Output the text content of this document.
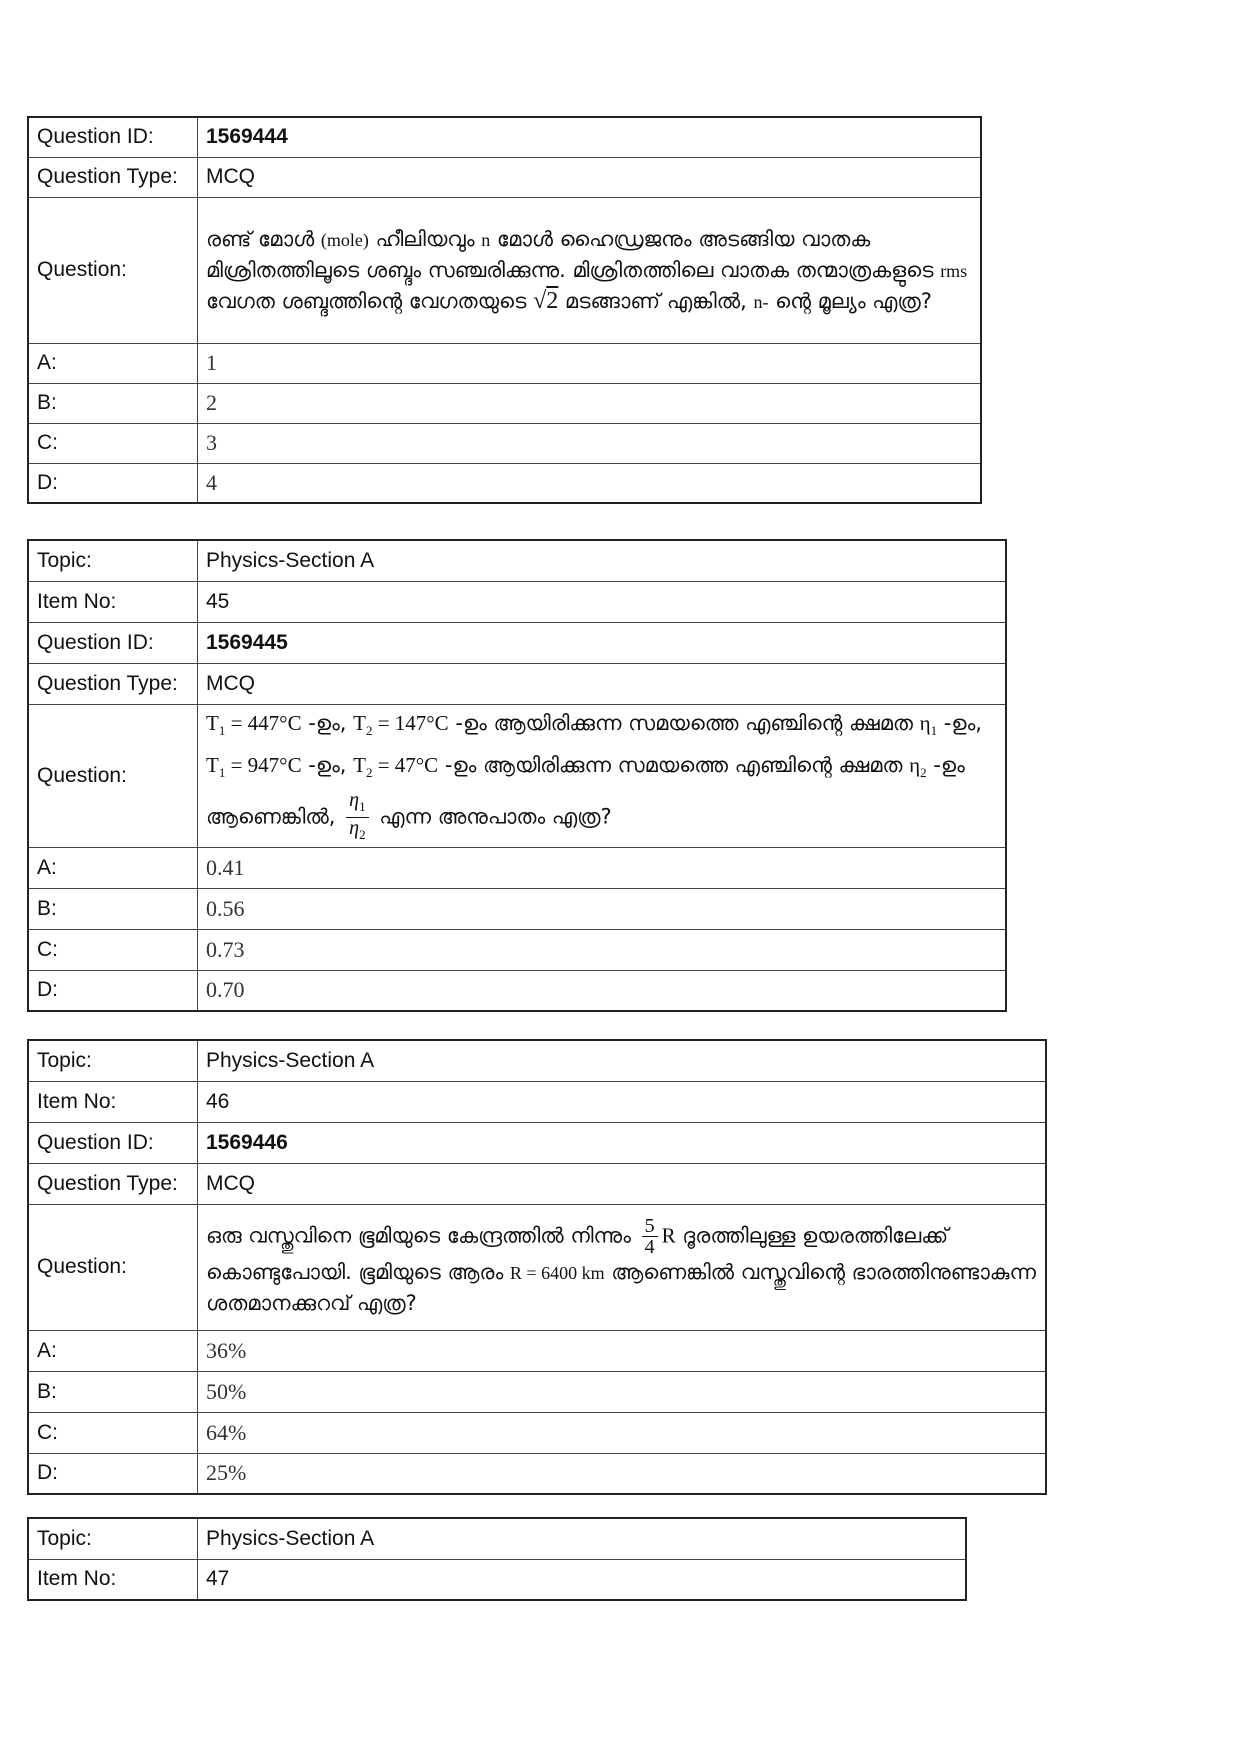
Question ID:	1569444
Question Type:	MCQ
Question:	രണ്ട് മോൾ (mole) ഹീലിയവും n മോൾ ഹൈഡ്രജനും അടങ്ങിയ വാതക മിശ്രിതത്തിലൂടെ ശബ്ദം സഞ്ചരിക്കുന്നു. മിശ്രിതത്തിലെ വാതക തന്മാത്രകളുടെ rms വേഗത ശബ്ദത്തിന്റെ വേഗതയുടെ √2 മടങ്ങാണ് എങ്കിൽ, n- ന്റെ മൂല്യം എത്ര?
A:	1
B:	2
C:	3
D:	4
Topic:	Physics-Section A
Item No:	45
Question ID:	1569445
Question Type:	MCQ
Question:	$T_1 = 447^\circ C$ -ഉം, $T_2 = 147^\circ C$ -ഉം ആയിരിക്കുന്ന സമയത്തെ എഞ്ചിന്റെ ക്ഷമത $\eta_1$ -ഉം, $T_1 = 947^\circ C$ -ഉം, $T_2 = 47^\circ C$ -ഉം ആയിരിക്കുന്ന സമയത്തെ എഞ്ചിന്റെ ക്ഷമത $\eta_2$ -ഉം ആണെങ്കിൽ, $\frac{\eta_1}{\eta_2}$ എന്ന അനുപാതം എത്ര?
A:	0.41
B:	0.56
C:	0.73
D:	0.70
Topic:	Physics-Section A
Item No:	46
Question ID:	1569446
Question Type:	MCQ
Question:	ഒരു വസ്തുവിനെ ഭൂമിയുടെ കേന്ദ്രത്തിൽ നിന്നും $\frac{5}{4}$ R ദൂരത്തിലുള്ള ഉയരത്തിലേക്ക് കൊണ്ടുപോയി. ഭൂമിയുടെ ആരം R = 6400 km ആണെങ്കിൽ വസ്തുവിന്റെ ഭാരത്തിനുണ്ടാകുന്ന ശതമാനക്കുറവ് എത്ര?
A:	36%
B:	50%
C:	64%
D:	25%
Topic:	Physics-Section A
Item No:	47
